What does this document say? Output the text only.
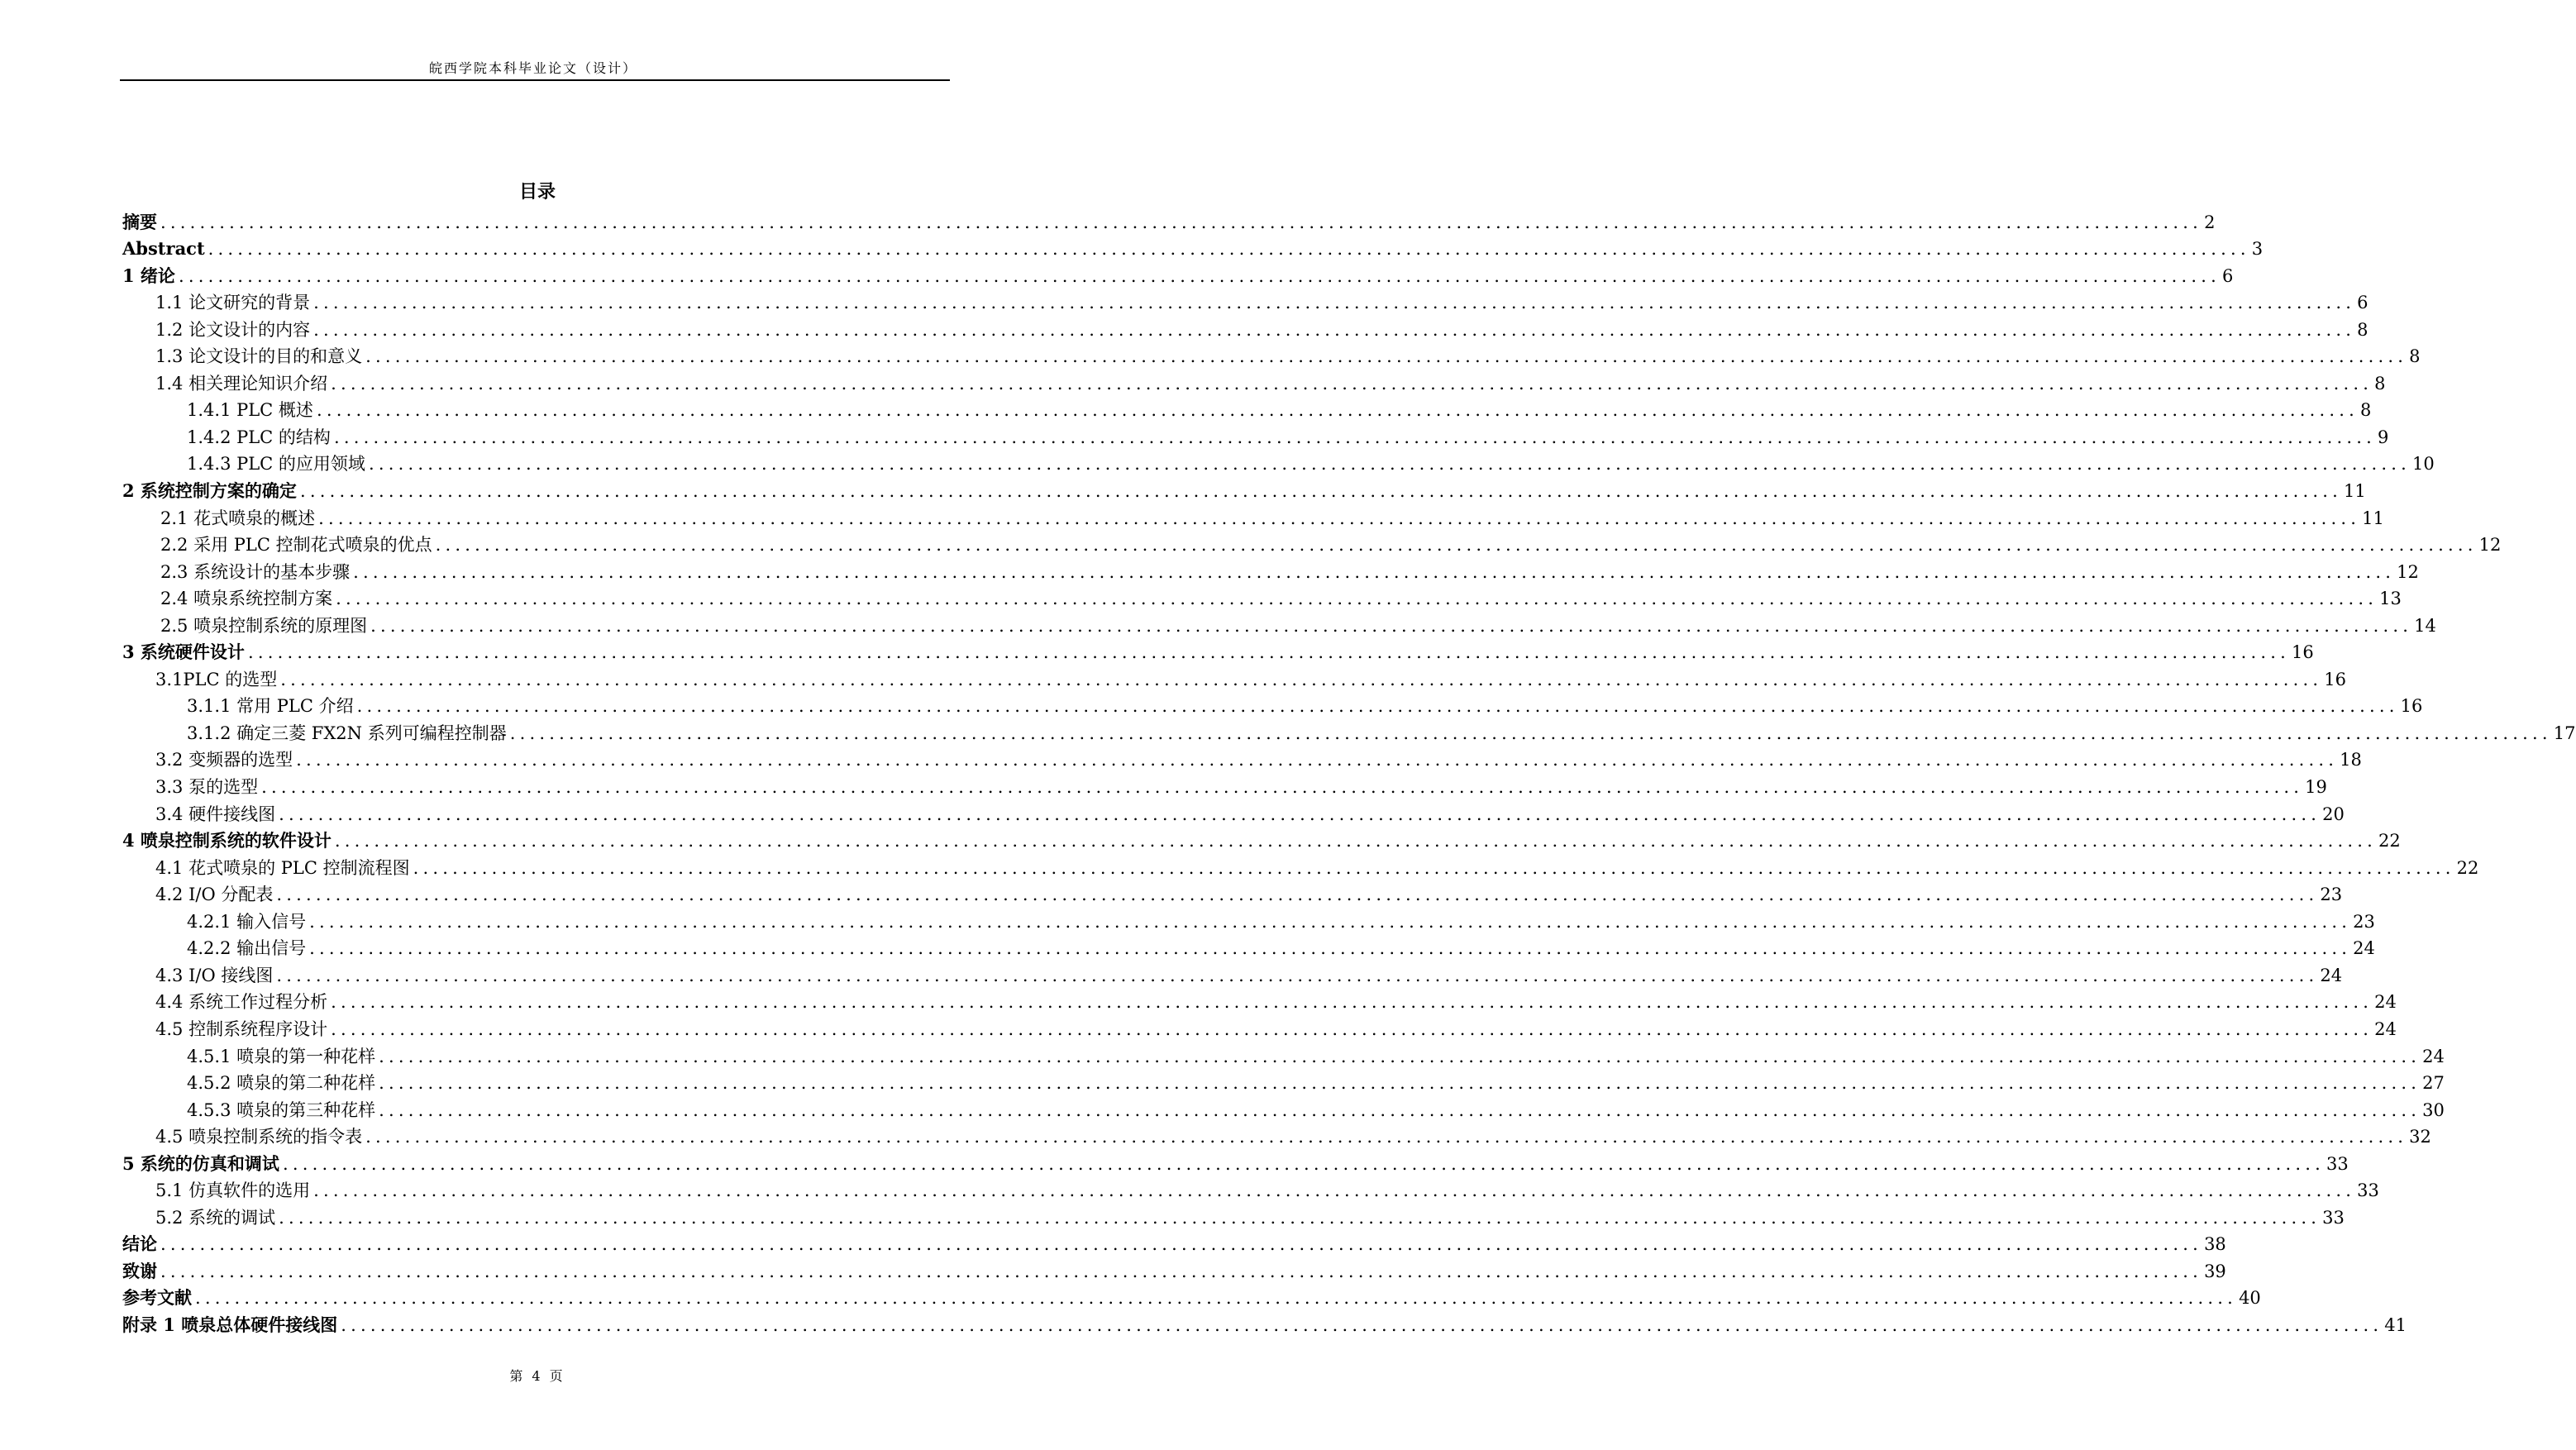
皖西学院本科毕业论文（设计）
目录
摘要 ................................................................................................................................................................................................................ 2
Abstract ................................................................................................................................................................................................................ 3
1 绪论 ................................................................................................................................................................................................................ 6
1.1 论文研究的背景 ................................................................................................................................................................................................................ 6
1.2 论文设计的内容 ................................................................................................................................................................................................................ 8
1.3 论文设计的目的和意义 ................................................................................................................................................................................................................ 8
1.4 相关理论知识介绍 ................................................................................................................................................................................................................ 8
1.4.1 PLC 概述 ................................................................................................................................................................................................................ 8
1.4.2 PLC 的结构 ................................................................................................................................................................................................................ 9
1.4.3 PLC 的应用领域 ................................................................................................................................................................................................................ 10
2 系统控制方案的确定 ................................................................................................................................................................................................................ 11
2.1 花式喷泉的概述 ................................................................................................................................................................................................................ 11
2.2 采用 PLC 控制花式喷泉的优点 ................................................................................................................................................................................................................ 12
2.3 系统设计的基本步骤 ................................................................................................................................................................................................................ 12
2.4 喷泉系统控制方案 ................................................................................................................................................................................................................ 13
2.5 喷泉控制系统的原理图 ................................................................................................................................................................................................................ 14
3 系统硬件设计 ................................................................................................................................................................................................................ 16
3.1PLC 的选型 ................................................................................................................................................................................................................ 16
3.1.1 常用 PLC 介绍 ................................................................................................................................................................................................................ 16
3.1.2 确定三菱 FX2N 系列可编程控制器 ................................................................................................................................................................................................................ 17
3.2 变频器的选型 ................................................................................................................................................................................................................ 18
3.3 泵的选型 ................................................................................................................................................................................................................ 19
3.4 硬件接线图 ................................................................................................................................................................................................................ 20
4 喷泉控制系统的软件设计 ................................................................................................................................................................................................................ 22
4.1 花式喷泉的 PLC 控制流程图 ................................................................................................................................................................................................................ 22
4.2 I/O 分配表 ................................................................................................................................................................................................................ 23
4.2.1 输入信号 ................................................................................................................................................................................................................ 23
4.2.2 输出信号 ................................................................................................................................................................................................................ 24
4.3 I/O 接线图 ................................................................................................................................................................................................................ 24
4.4 系统工作过程分析 ................................................................................................................................................................................................................ 24
4.5 控制系统程序设计 ................................................................................................................................................................................................................ 24
4.5.1 喷泉的第一种花样 ................................................................................................................................................................................................................ 24
4.5.2 喷泉的第二种花样 ................................................................................................................................................................................................................ 27
4.5.3 喷泉的第三种花样 ................................................................................................................................................................................................................ 30
4.5 喷泉控制系统的指令表 ................................................................................................................................................................................................................ 32
5 系统的仿真和调试 ................................................................................................................................................................................................................ 33
5.1 仿真软件的选用 ................................................................................................................................................................................................................ 33
5.2 系统的调试 ................................................................................................................................................................................................................ 33
结论 ................................................................................................................................................................................................................ 38
致谢 ................................................................................................................................................................................................................ 39
参考文献 ................................................................................................................................................................................................................ 40
附录 1 喷泉总体硬件接线图 ................................................................................................................................................................................................................ 41
第 4 页
